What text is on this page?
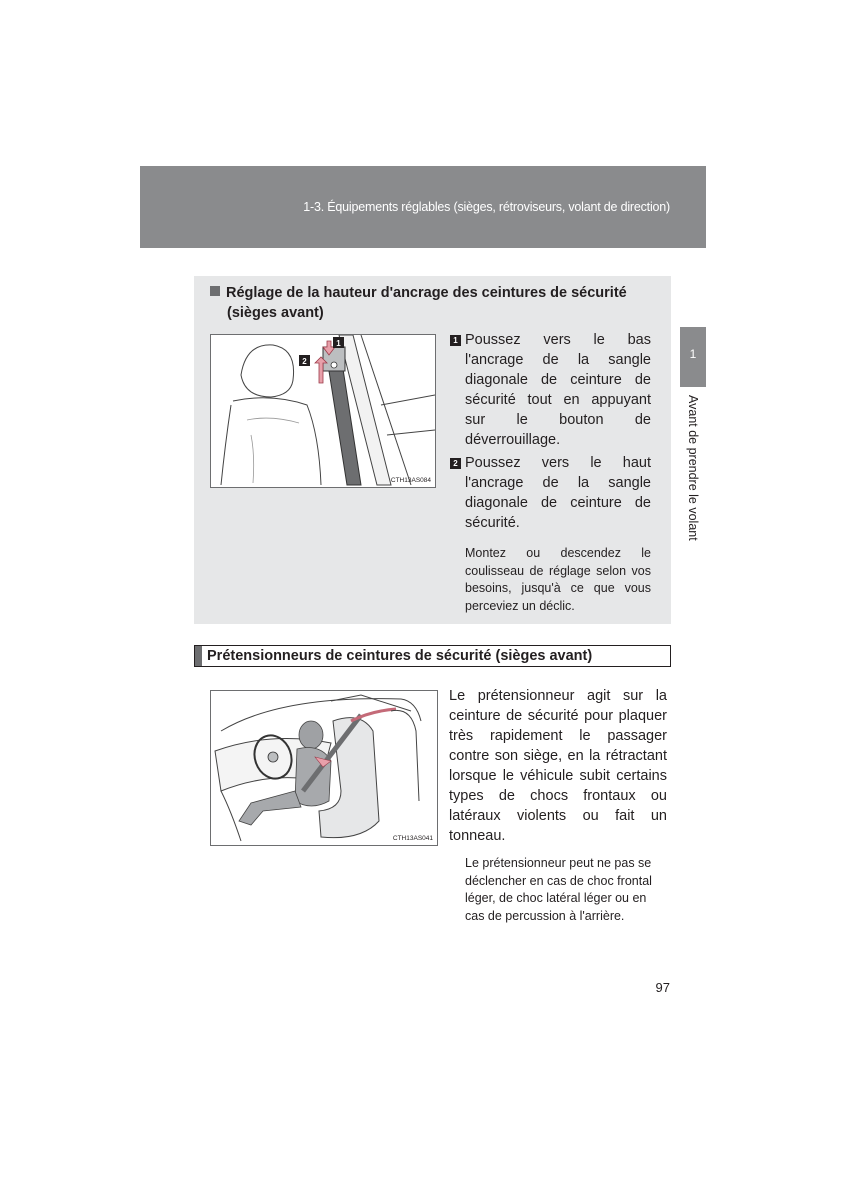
1-3. Équipements réglables (sièges, rétroviseurs, volant de direction)
1
Avant de prendre le volant
Réglage de la hauteur d'ancrage des ceintures de sécurité
(sièges avant)
1
2
CTH13AS084
1 Poussez vers le bas l'ancrage de la sangle diagonale de ceinture de sécurité tout en appuyant sur le bouton de déverrouillage.
2 Poussez vers le haut l'ancrage de la sangle diagonale de ceinture de sécurité.
Montez ou descendez le coulisseau de réglage selon vos besoins, jusqu'à ce que vous perceviez un déclic.
Prétensionneurs de ceintures de sécurité (sièges avant)
CTH13AS041
Le prétensionneur agit sur la ceinture de sécurité pour plaquer très rapidement le passager contre son siège, en la rétractant lorsque le véhicule subit certains types de chocs frontaux ou latéraux violents ou fait un tonneau.
Le prétensionneur peut ne pas se déclencher en cas de choc frontal léger, de choc latéral léger ou en cas de percussion à l'arrière.
97
